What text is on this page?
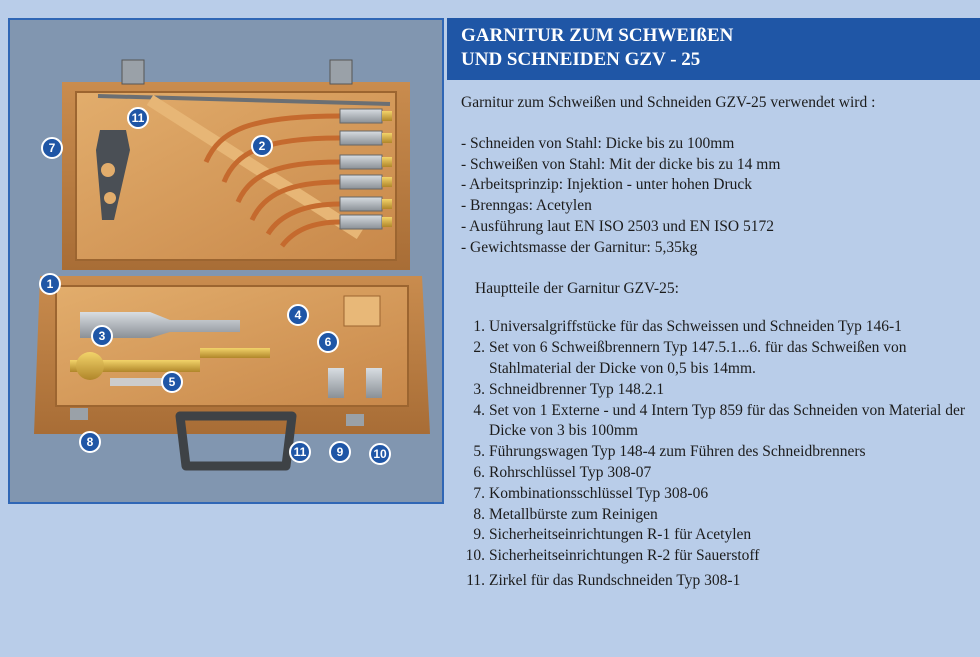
11
2
7
1
4
6
3
5
8
11	9 10
GARNITUR ZUM SCHWEIßEN
UND SCHNEIDEN GZV - 25

Garnitur zum Schweißen und Schneiden GZV-25 verwendet wird :

- Schneiden von Stahl: Dicke bis zu 100mm
- Schweißen von Stahl: Mit der dicke bis zu 14 mm
- Arbeitsprinzip: Injektion - unter hohen Druck
- Brenngas: Acetylen
- Ausführung laut EN ISO 2503 und EN ISO 5172
- Gewichtsmasse der Garnitur: 5,35kg

Hauptteile der Garnitur GZV-25:

1. Universalgriffstücke für das Schweissen und Schneiden Typ 146-1
2. Set von 6 Schweißbrennern Typ 147.5.1...6. für das Schweißen von Stahlmaterial der Dicke von 0,5 bis 14mm.
3. Schneidbrenner Typ 148.2.1
4. Set von 1 Externe - und 4 Intern Typ 859 für das Schneiden von Material der Dicke von 3 bis 100mm
5. Führungswagen Typ 148-4 zum Führen des Schneidbrenners
6. Rohrschlüssel Typ 308-07
7. Kombinationsschlüssel Typ 308-06
8. Metallbürste zum Reinigen
9. Sicherheitseinrichtungen R-1 für Acetylen
10. Sicherheitseinrichtungen R-2 für Sauerstoff
11. Zirkel für das Rundschneiden Typ 308-1
